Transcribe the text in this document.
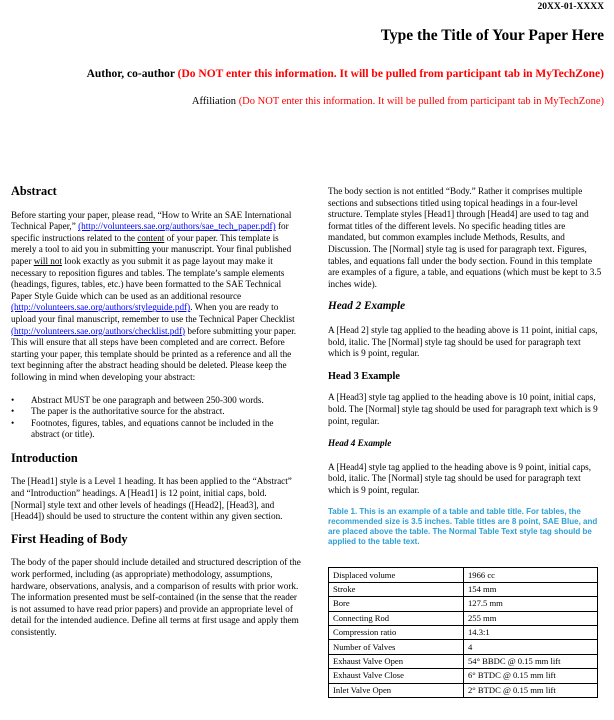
20XX-01-XXXX
Type the Title of Your Paper Here
Author, co-author (Do NOT enter this information. It will be pulled from participant tab in MyTechZone)
Affiliation (Do NOT enter this information. It will be pulled from participant tab in MyTechZone)
Abstract
Before starting your paper, please read, “How to Write an SAE International Technical Paper,” (http://volunteers.sae.org/authors/sae_tech_paper.pdf) for specific instructions related to the content of your paper. This template is merely a tool to aid you in submitting your manuscript. Your final published paper will not look exactly as you submit it as page layout may make it necessary to reposition figures and tables. The template’s sample elements (headings, figures, tables, etc.) have been formatted to the SAE Technical Paper Style Guide which can be used as an additional resource (http://volunteers.sae.org/authors/styleguide.pdf). When you are ready to upload your final manuscript, remember to use the Technical Paper Checklist (http://volunteers.sae.org/authors/checklist.pdf) before submitting your paper. This will ensure that all steps have been completed and are correct. Before starting your paper, this template should be printed as a reference and all the text beginning after the abstract heading should be deleted. Please keep the following in mind when developing your abstract:
• Abstract MUST be one paragraph and between 250-300 words.
• The paper is the authoritative source for the abstract.
• Footnotes, figures, tables, and equations cannot be included in the abstract (or title).
Introduction
The [Head1] style is a Level 1 heading. It has been applied to the “Abstract” and “Introduction” headings. A [Head1] is 12 point, initial caps, bold. [Normal] style text and other levels of headings ([Head2], [Head3], and [Head4]) should be used to structure the content within any given section.
First Heading of Body
The body of the paper should include detailed and structured description of the work performed, including (as appropriate) methodology, assumptions, hardware, observations, analysis, and a comparison of results with prior work. The information presented must be self-contained (in the sense that the reader is not assumed to have read prior papers) and provide an appropriate level of detail for the intended audience. Define all terms at first usage and apply them consistently.
The body section is not entitled “Body.” Rather it comprises multiple sections and subsections titled using topical headings in a four-level structure. Template styles [Head1] through [Head4] are used to tag and format titles of the different levels. No specific heading titles are mandated, but common examples include Methods, Results, and Discussion. The [Normal] style tag is used for paragraph text. Figures, tables, and equations fall under the body section. Found in this template are examples of a figure, a table, and equations (which must be kept to 3.5 inches wide).
Head 2 Example
A [Head 2] style tag applied to the heading above is 11 point, initial caps, bold, italic. The [Normal] style tag should be used for paragraph text which is 9 point, regular.
Head 3 Example
A [Head3] style tag applied to the heading above is 10 point, initial caps, bold. The [Normal] style tag should be used for paragraph text which is 9 point, regular.
Head 4 Example
A [Head4] style tag applied to the heading above is 9 point, initial caps, bold, italic. The [Normal] style tag should be used for paragraph text which is 9 point, regular.
Table 1. This is an example of a table and table title. For tables, the recommended size is 3.5 inches. Table titles are 8 point, SAE Blue, and are placed above the table. The Normal Table Text style tag should be applied to the table text.
Displaced volume	1966 cc
Stroke	154 mm
Bore	127.5 mm
Connecting Rod	255 mm
Compression ratio	14.3:1
Number of Valves	4
Exhaust Valve Open	54° BBDC @ 0.15 mm lift
Exhaust Valve Close	6° BTDC @ 0.15 mm lift
Inlet Valve Open	2° BTDC @ 0.15 mm lift
